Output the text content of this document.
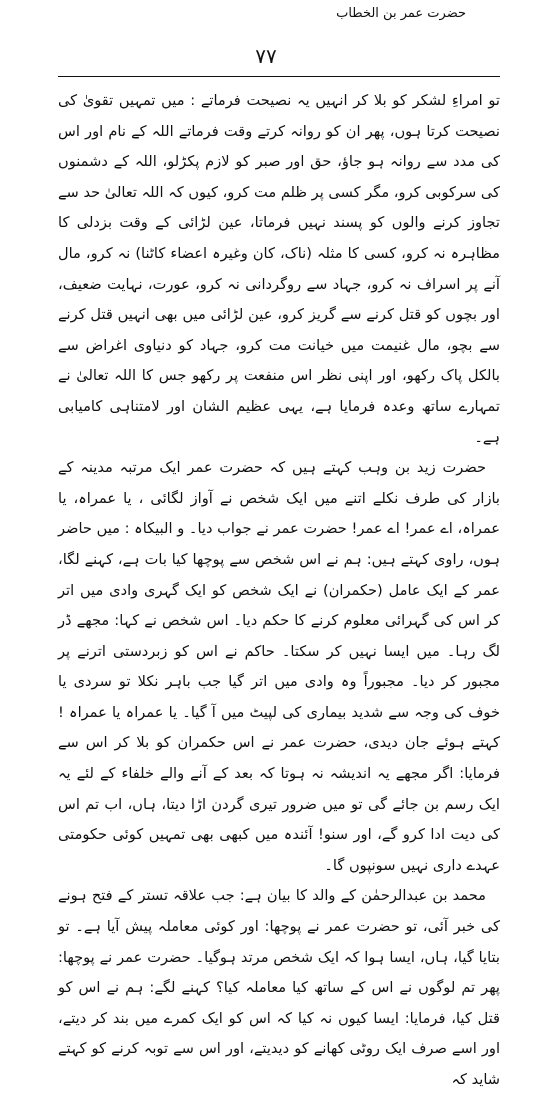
حضرت عمر بن الخطاب
۷۷

تو امراءِ لشکر کو بلا کر انہیں یہ نصیحت فرماتے : میں تمہیں تقویٰ کی نصیحت کرتا ہوں، پھر ان کو روانہ کرتے وقت فرماتے اللہ کے نام اور اس کی مدد سے روانہ ہو جاؤ، حق اور صبر کو لازم پکڑلو، اللہ کے دشمنوں کی سرکوبی کرو، مگر کسی پر ظلم مت کرو، کیوں کہ اللہ تعالیٰ حد سے تجاوز کرنے والوں کو پسند نہیں فرماتا، عین لڑائی کے وقت بزدلی کا مظاہرہ نہ کرو، کسی کا مثلہ (ناک، کان وغیرہ اعضاء کاٹنا) نہ کرو، مال آنے پر اسراف نہ کرو، جہاد سے روگردانی نہ کرو، عورت، نہایت ضعیف، اور بچوں کو قتل کرنے سے گریز کرو، عین لڑائی میں بھی انہیں قتل کرنے سے بچو، مال غنیمت میں خیانت مت کرو، جہاد کو دنیاوی اغراض سے بالکل پاک رکھو، اور اپنی نظر اس منفعت پر رکھو جس کا اللہ تعالیٰ نے تمہارے ساتھ وعدہ فرمایا ہے، یہی عظیم الشان اور لامتناہی کامیابی ہے۔

حضرت زید بن وہب کہتے ہیں کہ حضرت عمر ایک مرتبہ مدینہ کے بازار کی طرف نکلے اتنے میں ایک شخص نے آواز لگائی ، یا عمراہ، یا عمراہ، اے عمر! اے عمر! حضرت عمر نے جواب دیا۔ و البیکاہ : میں حاضر ہوں، راوی کہتے ہیں: ہم نے اس شخص سے پوچھا کیا بات ہے، کہنے لگا، عمر کے ایک عامل (حکمران) نے ایک شخص کو ایک گہری وادی میں اتر کر اس کی گہرائی معلوم کرنے کا حکم دیا۔ اس شخص نے کہا: مجھے ڈر لگ رہا۔ میں ایسا نہیں کر سکتا۔ حاکم نے اس کو زبردستی اترنے پر مجبور کر دیا۔ مجبوراً وہ وادی میں اتر گیا جب باہر نکلا تو سردی یا خوف کی وجہ سے شدید بیماری کی لپیٹ میں آ گیا۔ یا عمراہ یا عمراہ ! کہتے ہوئے جان دیدی، حضرت عمر نے اس حکمران کو بلا کر اس سے فرمایا: اگر مجھے یہ اندیشہ نہ ہوتا کہ بعد کے آنے والے خلفاء کے لئے یہ ایک رسم بن جائے گی تو میں ضرور تیری گردن اڑا دیتا، ہاں، اب تم اس کی دیت ادا کرو گے، اور سنو! آئندہ میں کبھی بھی تمہیں کوئی حکومتی عہدے داری نہیں سونپوں گا۔

محمد بن عبدالرحمٰن کے والد کا بیان ہے: جب علاقہ تستر کے فتح ہونے کی خبر آئی، تو حضرت عمر نے پوچھا: اور کوئی معاملہ پیش آیا ہے۔ تو بتایا گیا، ہاں، ایسا ہوا کہ ایک شخص مرتد ہوگیا۔ حضرت عمر نے پوچھا: پھر تم لوگوں نے اس کے ساتھ کیا معاملہ کیا؟ کہنے لگے: ہم نے اس کو قتل کیا، فرمایا: ایسا کیوں نہ کیا کہ اس کو ایک کمرے میں بند کر دیتے، اور اسے صرف ایک روٹی کھانے کو دیدیتے، اور اس سے توبہ کرنے کو کہتے شاید کہ
